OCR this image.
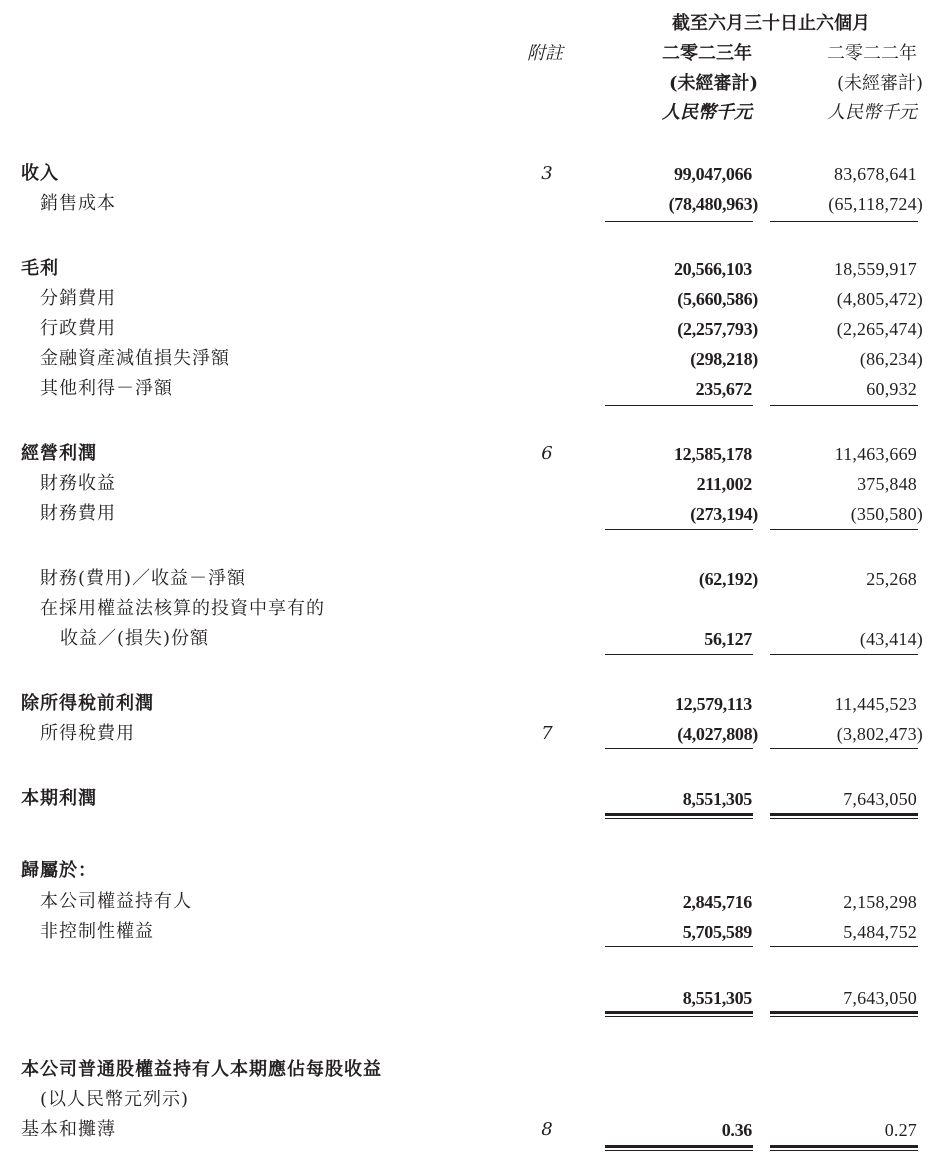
截至六月三十日止六個月
附註	二零二三年	二零二二年
(未經審計)	(未經審計)
人民幣千元	人民幣千元
收入	3	99,047,066	83,678,641
銷售成本	(78,480,963)	(65,118,724)
毛利	20,566,103	18,559,917
分銷費用	(5,660,586)	(4,805,472)
行政費用	(2,257,793)	(2,265,474)
金融資產減值損失淨額	(298,218)	(86,234)
其他利得－淨額	235,672	60,932
經營利潤	6	12,585,178	11,463,669
財務收益	211,002	375,848
財務費用	(273,194)	(350,580)
財務(費用)／收益－淨額	(62,192)	25,268
在採用權益法核算的投資中享有的
收益／(損失)份額	56,127	(43,414)
除所得稅前利潤	12,579,113	11,445,523
所得稅費用	7	(4,027,808)	(3,802,473)
本期利潤	8,551,305	7,643,050
歸屬於：
本公司權益持有人	2,845,716	2,158,298
非控制性權益	5,705,589	5,484,752
8,551,305	7,643,050
本公司普通股權益持有人本期應佔每股收益
(以人民幣元列示)
基本和攤薄	8	0.36	0.27
